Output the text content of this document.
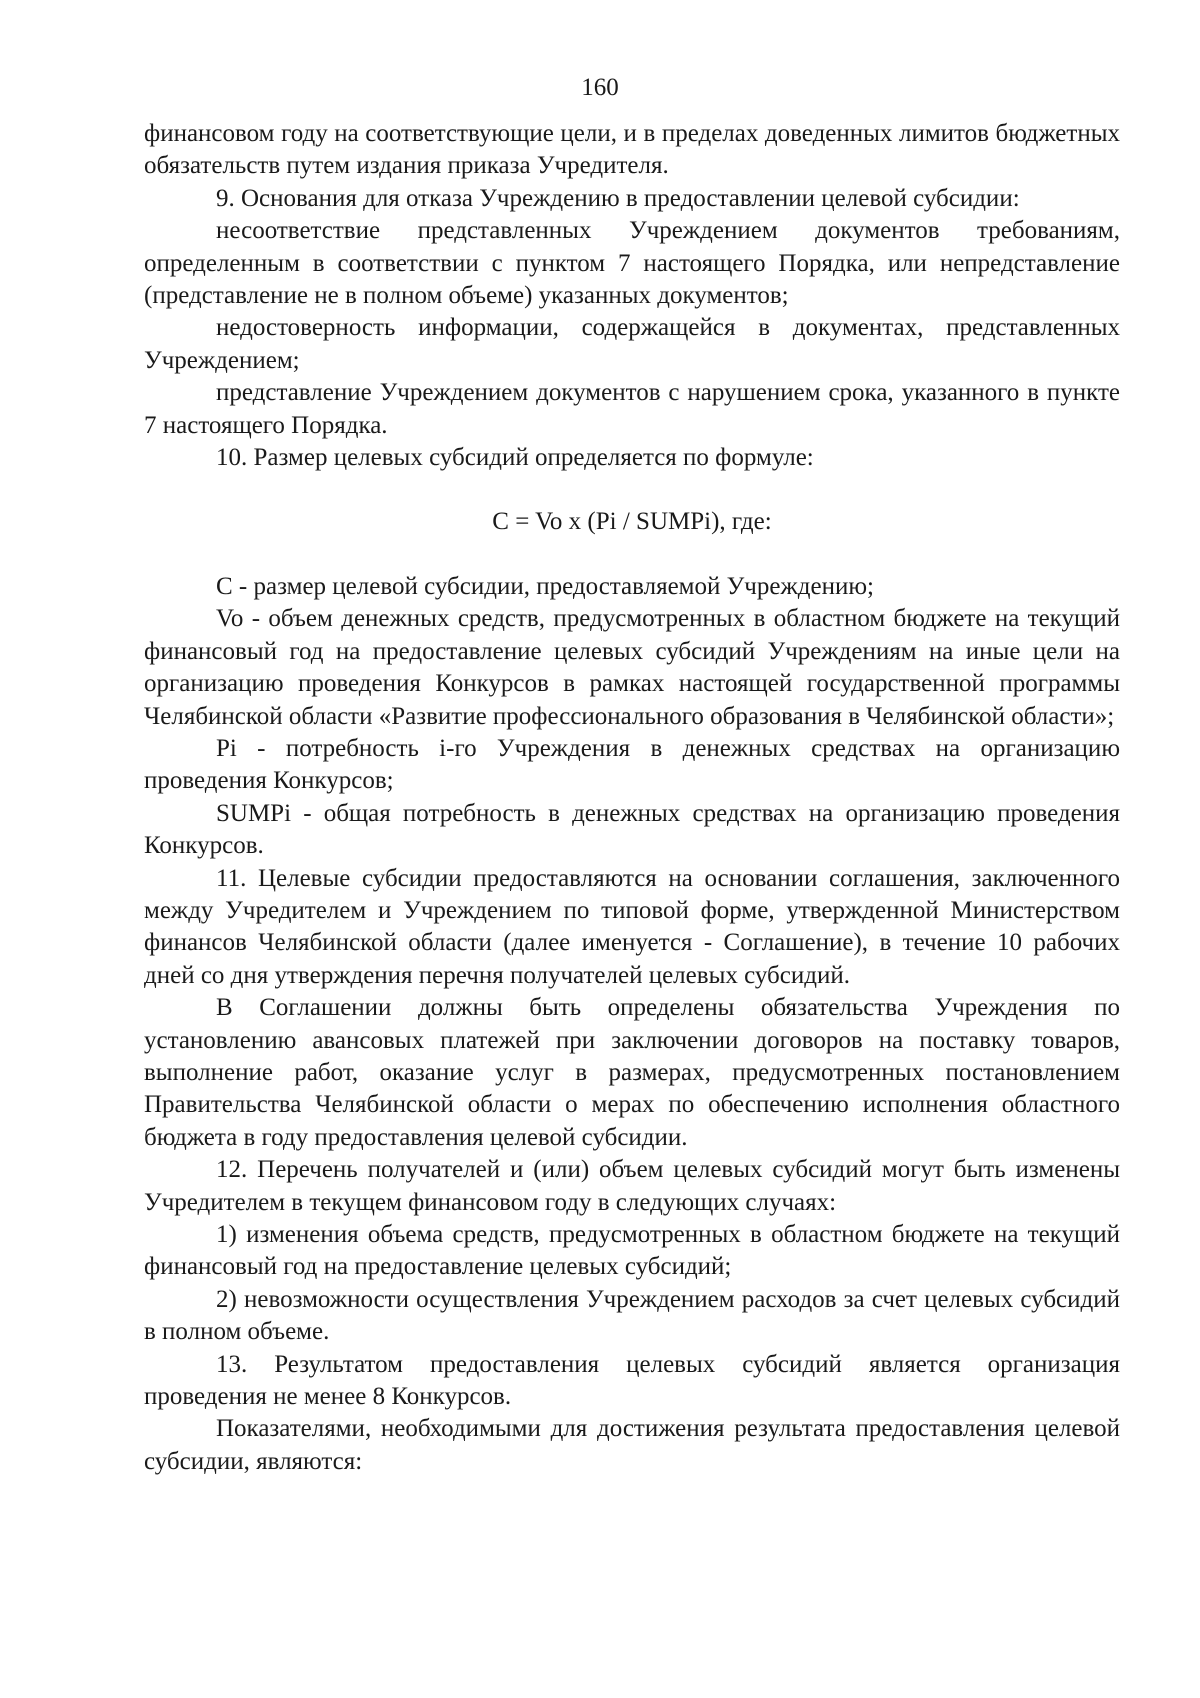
160

финансовом году на соответствующие цели, и в пределах доведенных лимитов бюджетных обязательств путем издания приказа Учредителя.

9. Основания для отказа Учреждению в предоставлении целевой субсидии:

несоответствие представленных Учреждением документов требованиям, определенным в соответствии с пунктом 7 настоящего Порядка, или непредставление (представление не в полном объеме) указанных документов;

недостоверность информации, содержащейся в документах, представленных Учреждением;

представление Учреждением документов с нарушением срока, указанного в пункте 7 настоящего Порядка.

10. Размер целевых субсидий определяется по формуле:

C = Vo x (Pi / SUMPi), где:

C - размер целевой субсидии, предоставляемой Учреждению;

Vo - объем денежных средств, предусмотренных в областном бюджете на текущий финансовый год на предоставление целевых субсидий Учреждениям на иные цели на организацию проведения Конкурсов в рамках настоящей государственной программы Челябинской области «Развитие профессионального образования в Челябинской области»;

Pi - потребность i-го Учреждения в денежных средствах на организацию проведения Конкурсов;

SUMPi - общая потребность в денежных средствах на организацию проведения Конкурсов.

11. Целевые субсидии предоставляются на основании соглашения, заключенного между Учредителем и Учреждением по типовой форме, утвержденной Министерством финансов Челябинской области (далее именуется - Соглашение), в течение 10 рабочих дней со дня утверждения перечня получателей целевых субсидий.

В Соглашении должны быть определены обязательства Учреждения по установлению авансовых платежей при заключении договоров на поставку товаров, выполнение работ, оказание услуг в размерах, предусмотренных постановлением Правительства Челябинской области о мерах по обеспечению исполнения областного бюджета в году предоставления целевой субсидии.

12. Перечень получателей и (или) объем целевых субсидий могут быть изменены Учредителем в текущем финансовом году в следующих случаях:

1) изменения объема средств, предусмотренных в областном бюджете на текущий финансовый год на предоставление целевых субсидий;

2) невозможности осуществления Учреждением расходов за счет целевых субсидий в полном объеме.

13. Результатом предоставления целевых субсидий является организация проведения не менее 8 Конкурсов.

Показателями, необходимыми для достижения результата предоставления целевой субсидии, являются:
